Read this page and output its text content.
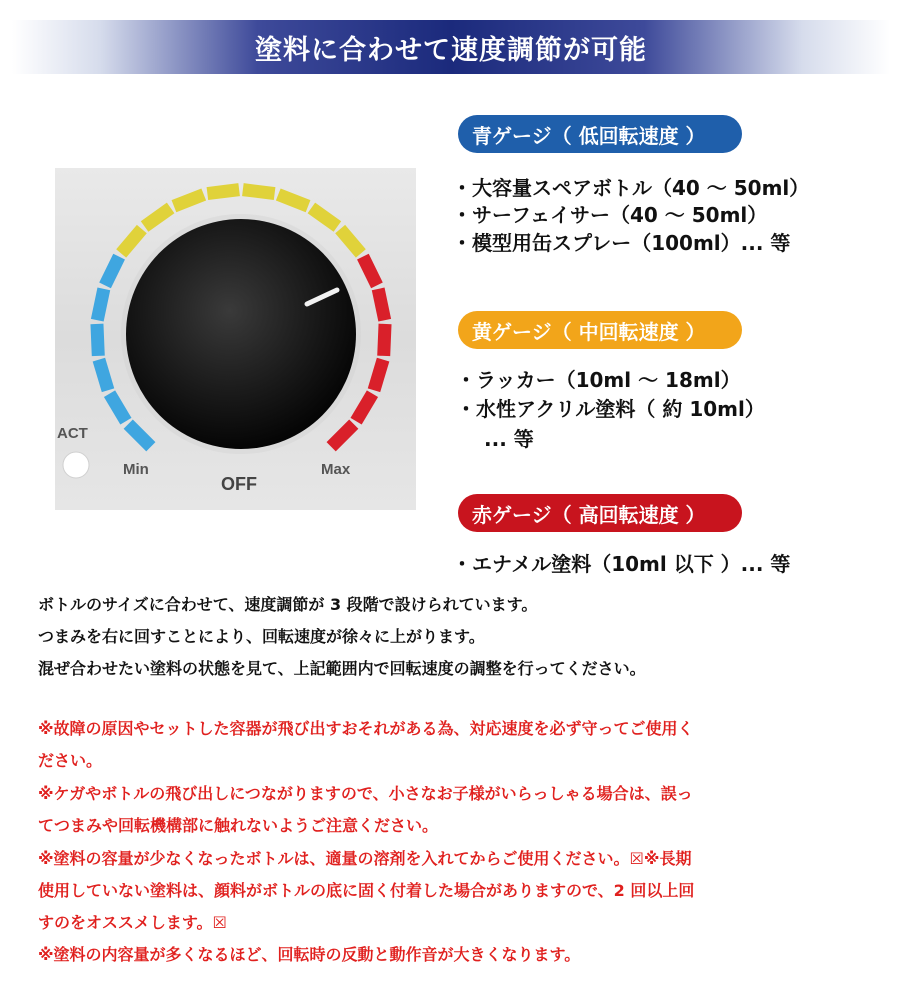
塗料に合わせて速度調節が可能
ACT
Min	Max
OFF
青ゲージ（ 低回転速度 ）
・大容量スペアボトル（40 ～ 50ml）
・サーフェイサー（40 ～ 50ml）
・模型用缶スプレー（100ml）... 等
黄ゲージ（ 中回転速度 ）
・ラッカー（10ml ～ 18ml）
・水性アクリル塗料（ 約 10ml）
... 等
赤ゲージ（ 高回転速度 ）
・エナメル塗料（10ml 以下 ）... 等
ボトルのサイズに合わせて、速度調節が 3 段階で設けられています。
つまみを右に回すことにより、回転速度が徐々に上がります。
混ぜ合わせたい塗料の状態を見て、上記範囲内で回転速度の調整を行ってください。
※故障の原因やセットした容器が飛び出すおそれがある為、対応速度を必ず守ってご使用く
ださい。
※ケガやボトルの飛び出しにつながりますので、小さなお子様がいらっしゃる場合は、誤っ
てつまみや回転機構部に触れないようご注意ください。
※塗料の容量が少なくなったボトルは、適量の溶剤を入れてからご使用ください。☒※長期
使用していない塗料は、顔料がボトルの底に固く付着した場合がありますので、2 回以上回
すのをオススメします。☒
※塗料の内容量が多くなるほど、回転時の反動と動作音が大きくなります。
